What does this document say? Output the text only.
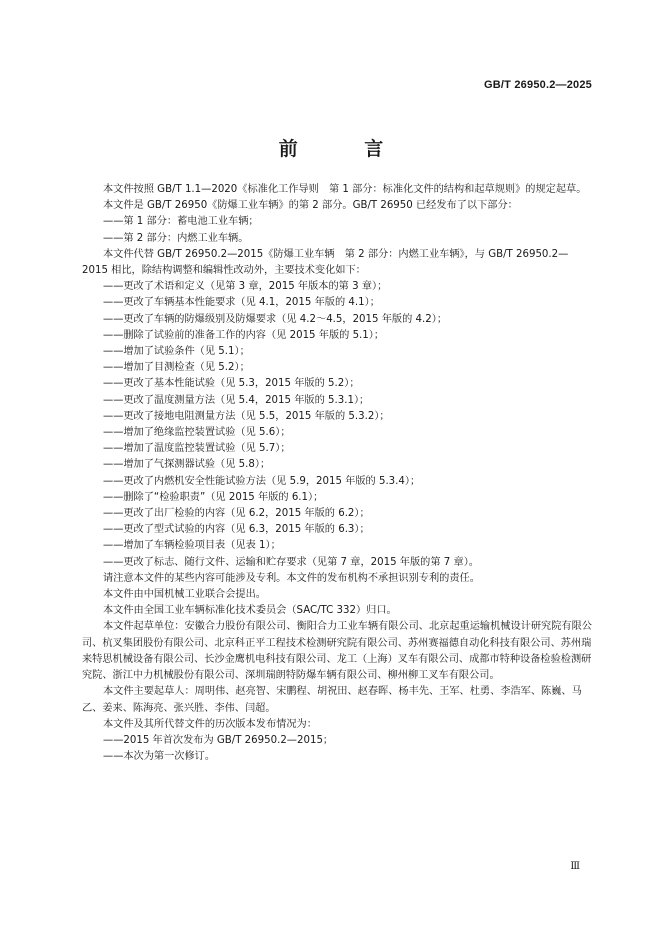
GB/T 26950.2—2025
前 言

本文件按照 GB/T 1.1—2020《标准化工作导则　第 1 部分：标准化文件的结构和起草规则》的规定起草。

本文件是 GB/T 26950《防爆工业车辆》的第 2 部分。GB/T 26950 已经发布了以下部分：

——第 1 部分：蓄电池工业车辆；

——第 2 部分：内燃工业车辆。

本文件代替 GB/T 26950.2—2015《防爆工业车辆　第 2 部分：内燃工业车辆》，与 GB/T 26950.2—2015 相比，除结构调整和编辑性改动外，主要技术变化如下：

——更改了术语和定义（见第 3 章，2015 年版本的第 3 章）；

——更改了车辆基本性能要求（见 4.1，2015 年版的 4.1）；

——更改了车辆的防爆级别及防爆要求（见 4.2～4.5，2015 年版的 4.2）；

——删除了试验前的准备工作的内容（见 2015 年版的 5.1）；

——增加了试验条件（见 5.1）；

——增加了目测检查（见 5.2）；

——更改了基本性能试验（见 5.3，2015 年版的 5.2）；

——更改了温度测量方法（见 5.4，2015 年版的 5.3.1）；

——更改了接地电阻测量方法（见 5.5，2015 年版的 5.3.2）；

——增加了绝缘监控装置试验（见 5.6）；

——增加了温度监控装置试验（见 5.7）；

——增加了气探测器试验（见 5.8）；

——更改了内燃机安全性能试验方法（见 5.9，2015 年版的 5.3.4）；

——删除了“检验职责”（见 2015 年版的 6.1）；

——更改了出厂检验的内容（见 6.2，2015 年版的 6.2）；

——更改了型式试验的内容（见 6.3，2015 年版的 6.3）；

——增加了车辆检验项目表（见表 1）；

——更改了标志、随行文件、运输和贮存要求（见第 7 章，2015 年版的第 7 章）。

请注意本文件的某些内容可能涉及专利。本文件的发布机构不承担识别专利的责任。

本文件由中国机械工业联合会提出。

本文件由全国工业车辆标准化技术委员会（SAC/TC 332）归口。

本文件起草单位：安徽合力股份有限公司、衡阳合力工业车辆有限公司、北京起重运输机械设计研究院有限公司、杭叉集团股份有限公司、北京科正平工程技术检测研究院有限公司、苏州赛福德自动化科技有限公司、苏州瑞来特思机械设备有限公司、长沙金鹰机电科技有限公司、龙工（上海）叉车有限公司、成都市特种设备检验检测研究院、浙江中力机械股份有限公司、深圳瑞朗特防爆车辆有限公司、柳州柳工叉车有限公司。

本文件主要起草人：周明伟、赵亮智、宋鹏程、胡祝田、赵春晖、杨丰先、王军、杜勇、李浩军、陈巍、马乙、姜来、陈海亮、张兴胜、李伟、闫超。

本文件及其所代替文件的历次版本发布情况为：

——2015 年首次发布为 GB/T 26950.2—2015；

——本次为第一次修订。

Ⅲ
